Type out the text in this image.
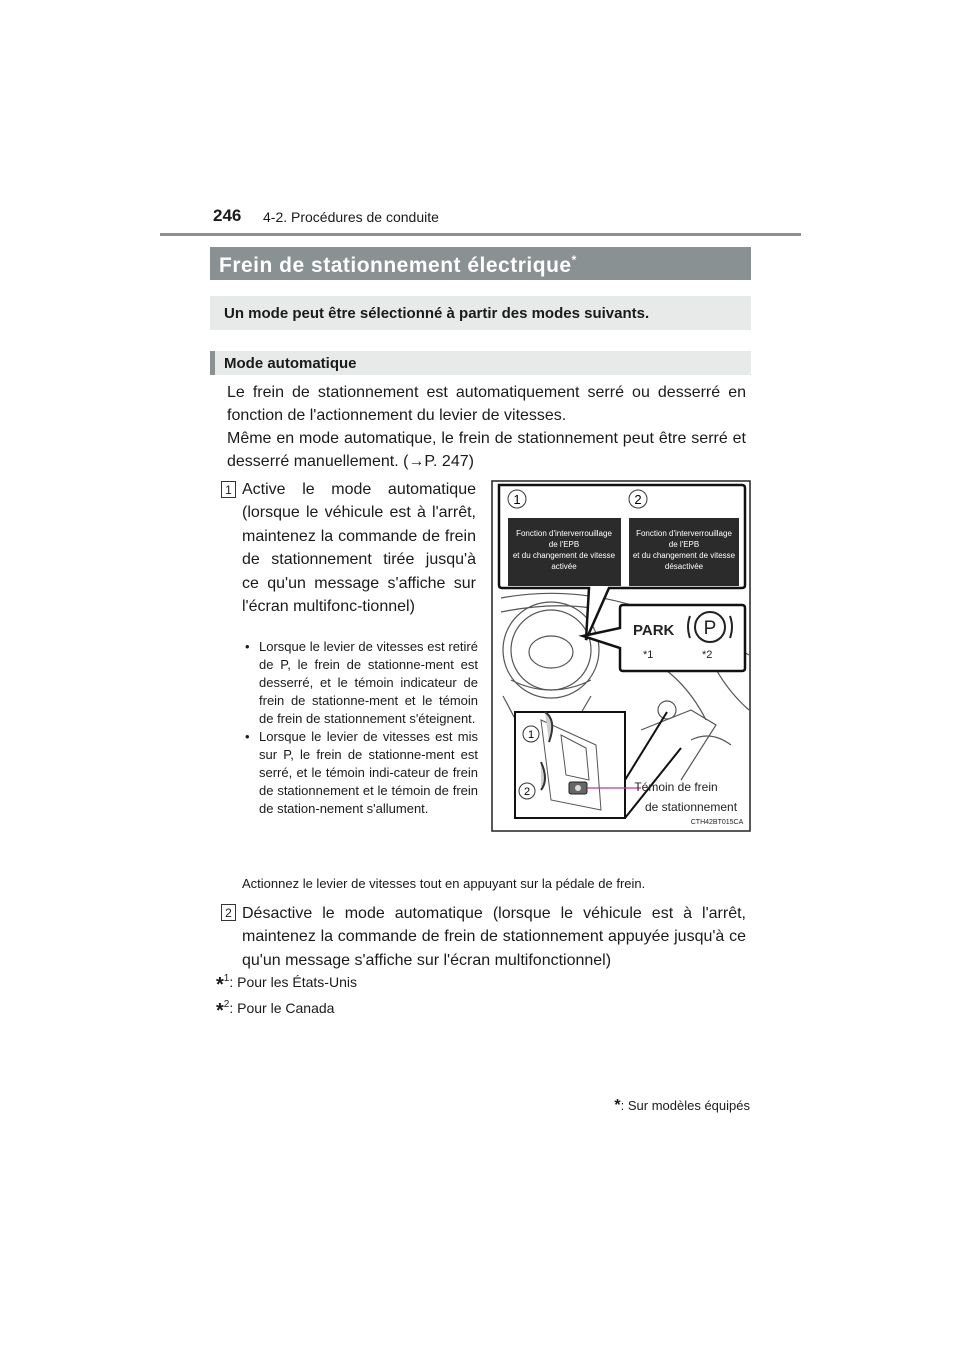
246 4-2. Procédures de conduite
Frein de stationnement électrique*
Un mode peut être sélectionné à partir des modes suivants.
Mode automatique
Le frein de stationnement est automatiquement serré ou desserré en fonction de l'actionnement du levier de vitesses.
Même en mode automatique, le frein de stationnement peut être serré et desserré manuellement. (→P. 247)
1 Active le mode automatique (lorsque le véhicule est à l'arrêt, maintenez la commande de frein de stationnement tirée jusqu'à ce qu'un message s'affiche sur l'écran multifonc-tionnel)
• Lorsque le levier de vitesses est retiré de P, le frein de stationne-ment est desserré, et le témoin indicateur de frein de stationne-ment et le témoin de frein de stationnement s'éteignent.
• Lorsque le levier de vitesses est mis sur P, le frein de stationne-ment est serré, et le témoin indi-cateur de frein de stationnement et le témoin de frein de station-nement s'allument.
1	2
Fonction d'interverrouillage
de l'EPB
et du changement de vitesse
activée
Fonction d'interverrouillage
de l'EPB
et du changement de vitesse
désactivée
PARK P
*1	*2
1
2	Témoin de frein
de stationnement
CTH42BT015CA
Actionnez le levier de vitesses tout en appuyant sur la pédale de frein.
2 Désactive le mode automatique (lorsque le véhicule est à l'arrêt, maintenez la commande de frein de stationnement appuyée jusqu'à ce qu'un message s'affiche sur l'écran multifonctionnel)
*$^1$: Pour les États-Unis
*$^2$: Pour le Canada
*: Sur modèles équipés
